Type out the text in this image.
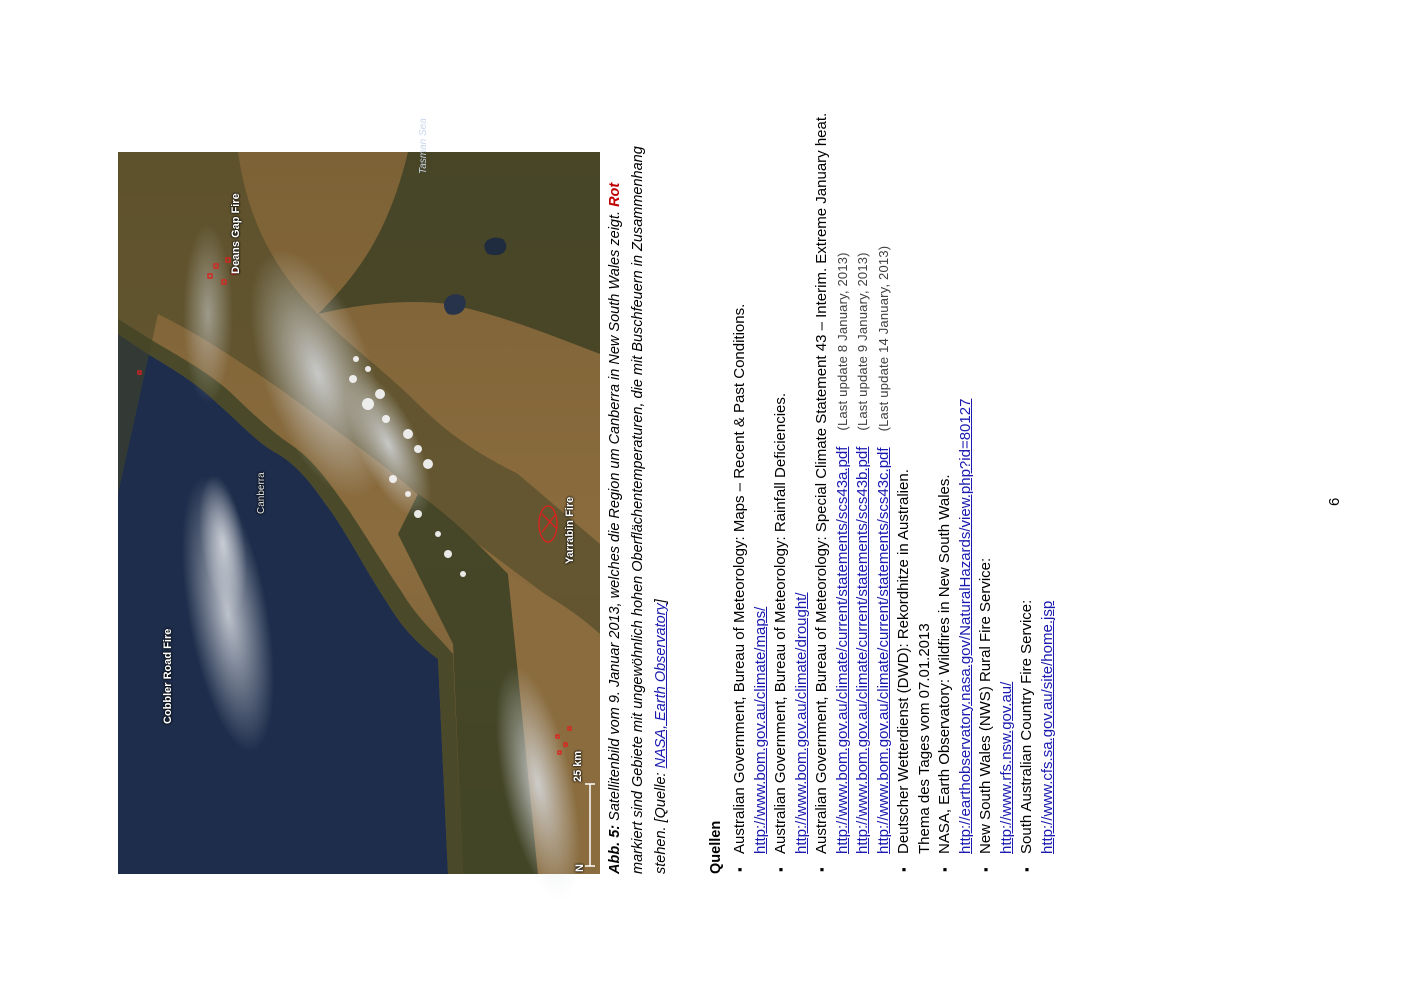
25 km
N
Deans Gap Fire
Tasman Sea
Canberra
Yarrabin Fire
Cobbler Road Fire
Abb. 5: Satellitenbild vom 9. Januar 2013, welches die Region um Canberra in New South Wales zeigt. Rot markiert sind Gebiete mit ungewöhnlich hohen Oberflächentemperaturen, die mit Buschfeuern in Zusammenhang stehen. [Quelle: NASA, Earth Observatory]
Quellen ▪ Australian Government, Bureau of Meteorology: Maps – Recent & Past Conditions. http://www.bom.gov.au/climate/maps/ ▪ Australian Government, Bureau of Meteorology: Rainfall Deficiencies. http://www.bom.gov.au/climate/drought/ ▪ Australian Government, Bureau of Meteorology: Special Climate Statement 43 – Interim. Extreme January heat. http://www.bom.gov.au/climate/current/statements/scs43a.pdf
(Last update 8 January, 2013)
http://www.bom.gov.au/climate/current/statements/scs43b.pdf
(Last update 9 January, 2013)
http://www.bom.gov.au/climate/current/statements/scs43c.pdf
(Last update 14 January, 2013)
▪ Deutscher Wetterdienst (DWD): Rekordhitze in Australien. Thema des Tages vom 07.01.2013 ▪ NASA, Earth Observatory: Wildfires in New South Wales. http://earthobservatory.nasa.gov/NaturalHazards/view.php?id=80127 ▪ New South Wales (NWS) Rural Fire Service: http://www.rfs.nsw.gov.au/ ▪ South Australian Country Fire Service: http://www.cfs.sa.gov.au/site/home.jsp
6
